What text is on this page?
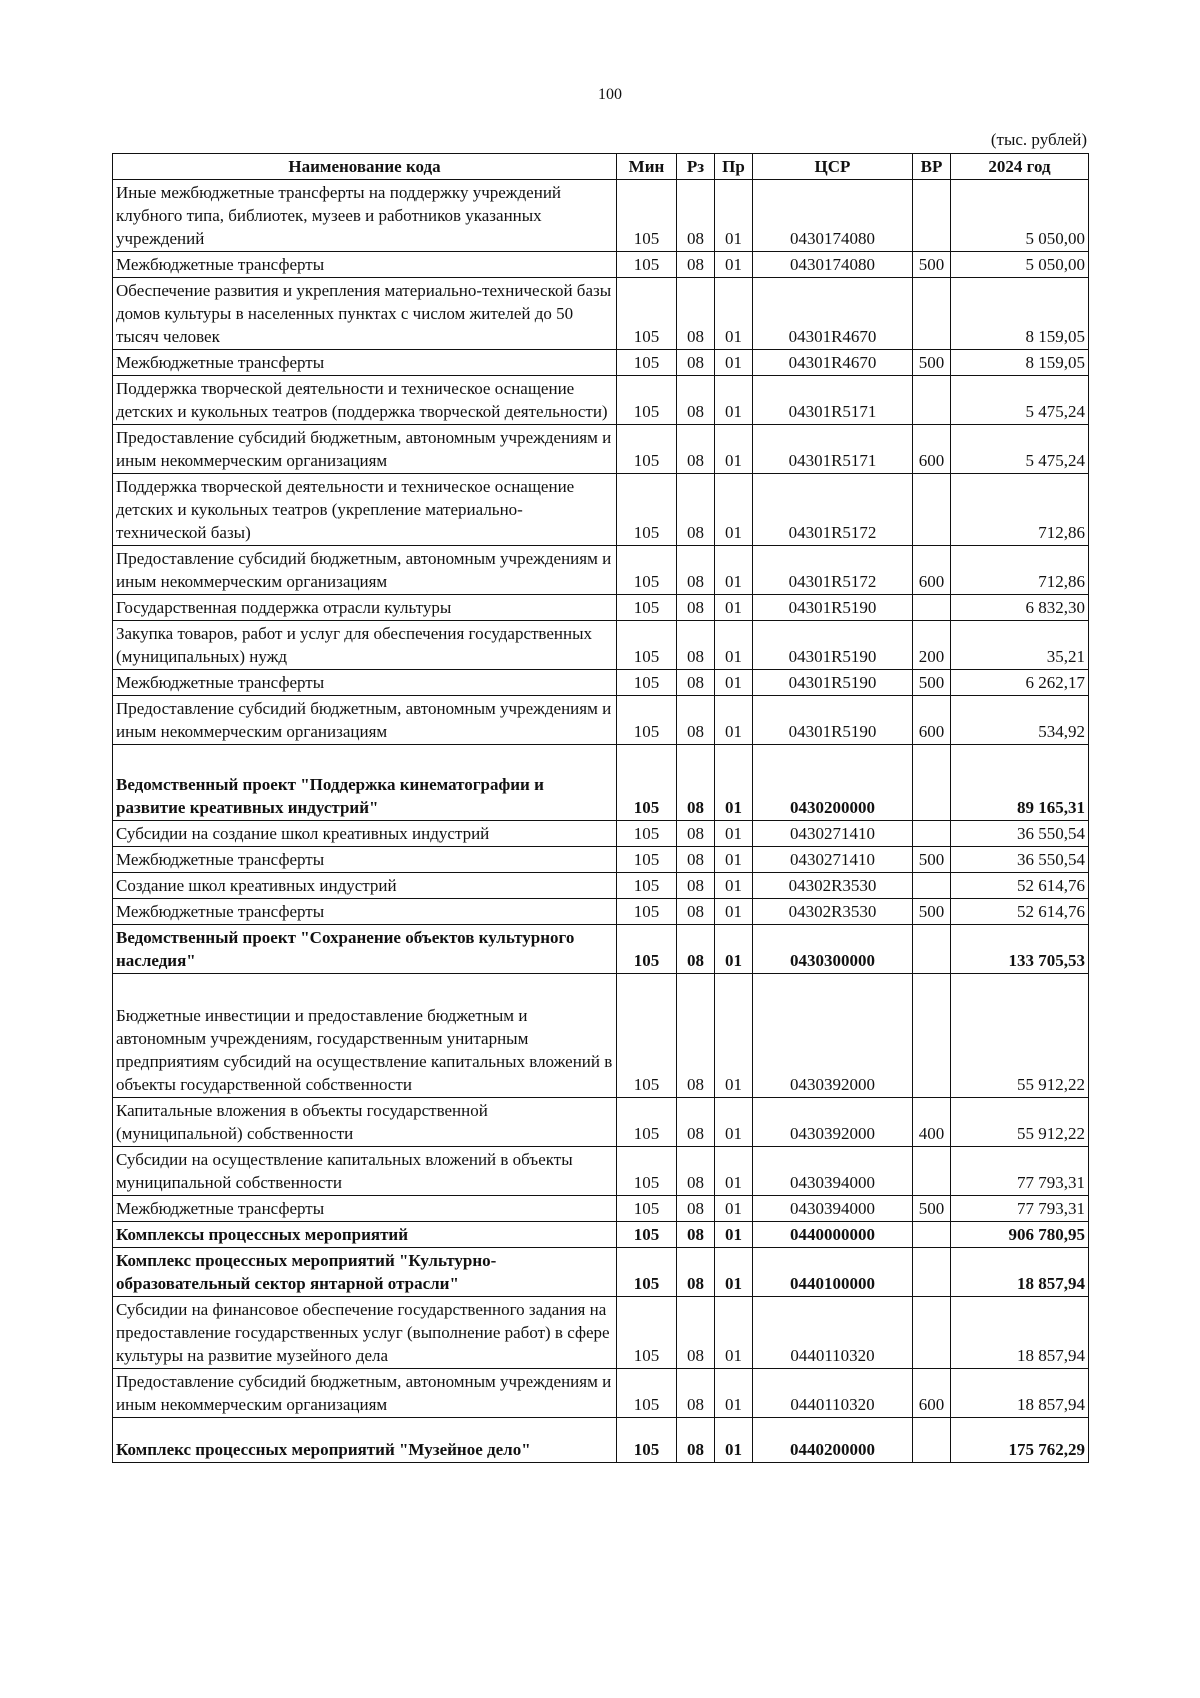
100
(тыс. рублей)
Наименование кода	Мин	Рз	Пр	ЦСР	ВР	2024 год
Иные межбюджетные трансферты на поддержку учреждений клубного типа, библиотек, музеев и работников указанных учреждений	105	08	01	0430174080		5 050,00
Межбюджетные трансферты	105	08	01	0430174080	500	5 050,00
Обеспечение развития и укрепления материально-технической базы домов культуры в населенных пунктах с числом жителей до 50 тысяч человек	105	08	01	04301R4670		8 159,05
Межбюджетные трансферты	105	08	01	04301R4670	500	8 159,05
Поддержка творческой деятельности и техническое оснащение детских и кукольных театров (поддержка творческой деятельности)	105	08	01	04301R5171		5 475,24
Предоставление субсидий бюджетным, автономным учреждениям и иным некоммерческим организациям	105	08	01	04301R5171	600	5 475,24
Поддержка творческой деятельности и техническое оснащение детских и кукольных театров (укрепление материально-технической базы)	105	08	01	04301R5172		712,86
Предоставление субсидий бюджетным, автономным учреждениям и иным некоммерческим организациям	105	08	01	04301R5172	600	712,86
Государственная поддержка отрасли культуры	105	08	01	04301R5190		6 832,30
Закупка товаров, работ и услуг для обеспечения государственных (муниципальных) нужд	105	08	01	04301R5190	200	35,21
Межбюджетные трансферты	105	08	01	04301R5190	500	6 262,17
Предоставление субсидий бюджетным, автономным учреждениям и иным некоммерческим организациям	105	08	01	04301R5190	600	534,92
Ведомственный проект "Поддержка кинематографии и развитие креативных индустрий"	105	08	01	0430200000		89 165,31
Субсидии на создание школ креативных индустрий	105	08	01	0430271410		36 550,54
Межбюджетные трансферты	105	08	01	0430271410	500	36 550,54
Создание школ креативных индустрий	105	08	01	04302R3530		52 614,76
Межбюджетные трансферты	105	08	01	04302R3530	500	52 614,76
Ведомственный проект "Сохранение объектов культурного наследия"	105	08	01	0430300000		133 705,53
Бюджетные инвестиции и предоставление бюджетным и автономным учреждениям, государственным унитарным предприятиям субсидий на осуществление капитальных вложений в объекты государственной собственности	105	08	01	0430392000		55 912,22
Капитальные вложения в объекты государственной (муниципальной) собственности	105	08	01	0430392000	400	55 912,22
Субсидии на осуществление капитальных вложений в объекты муниципальной собственности	105	08	01	0430394000		77 793,31
Межбюджетные трансферты	105	08	01	0430394000	500	77 793,31
Комплексы процессных мероприятий	105	08	01	0440000000		906 780,95
Комплекс процессных мероприятий "Культурно-образовательный сектор янтарной отрасли"	105	08	01	0440100000		18 857,94
Субсидии на финансовое обеспечение государственного задания на предоставление государственных услуг (выполнение работ) в сфере культуры на развитие музейного дела	105	08	01	0440110320		18 857,94
Предоставление субсидий бюджетным, автономным учреждениям и иным некоммерческим организациям	105	08	01	0440110320	600	18 857,94
Комплекс процессных мероприятий "Музейное дело"	105	08	01	0440200000		175 762,29
